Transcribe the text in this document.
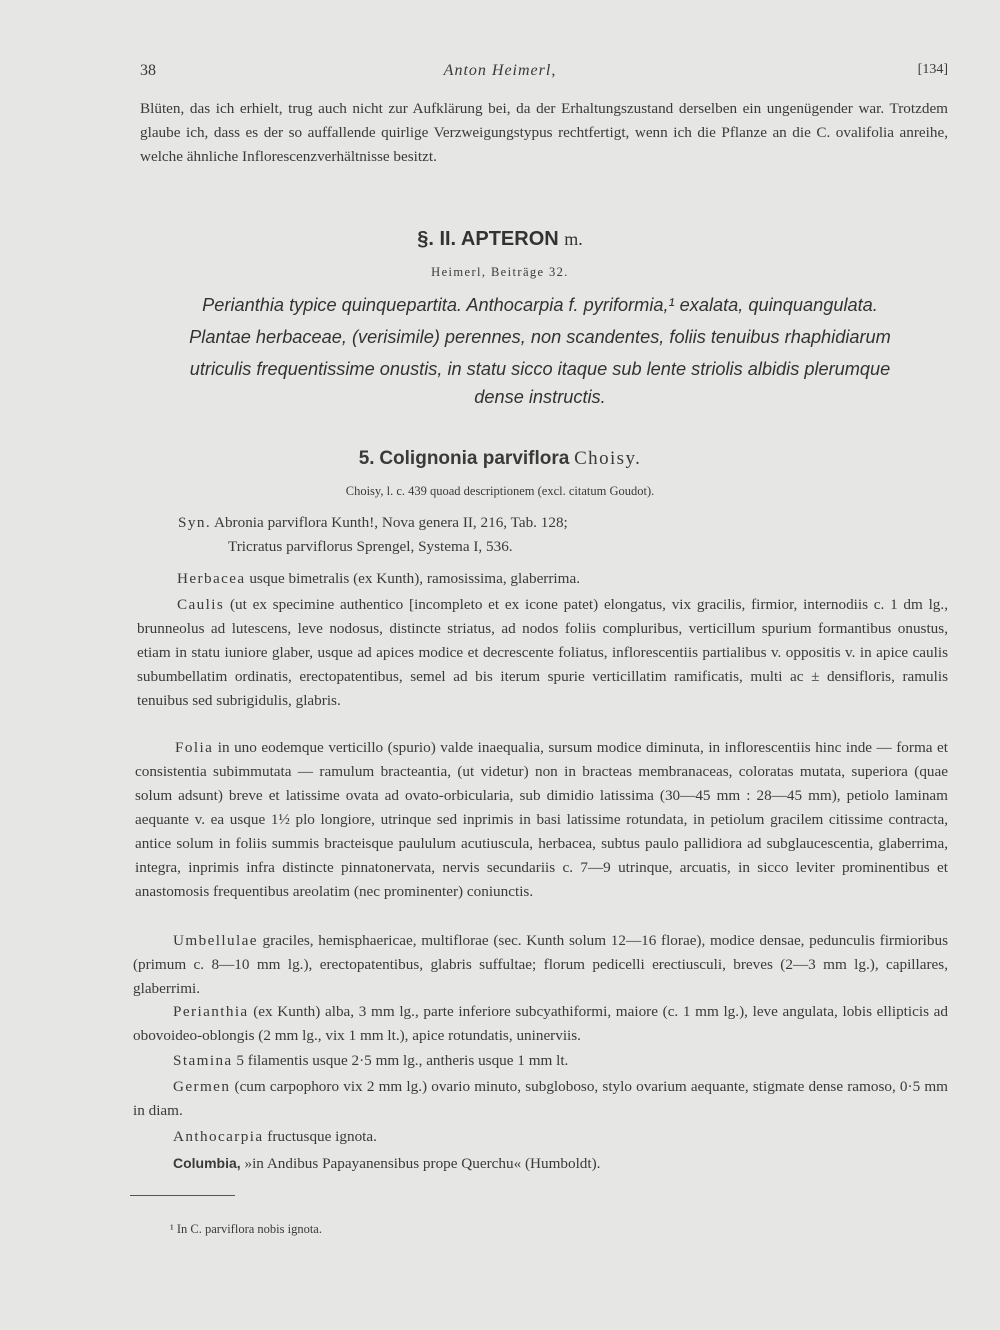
38	Anton Heimerl,	[134]

Blüten, das ich erhielt, trug auch nicht zur Aufklärung bei, da der Erhaltungszustand derselben ein ungenügender war. Trotzdem glaube ich, dass es der so auffallende quirlige Verzweigungstypus rechtfertigt, wenn ich die Pflanze an die C. ovalifolia anreihe, welche ähnliche Inflorescenzverhältnisse besitzt.

§. II. APTERON m.
Heimerl, Beiträge 32.
Perianthia typice quinquepartita. Anthocarpia f. pyriformia,¹ exalata, quinquangulata.
Plantae herbaceae, (verisimile) perennes, non scandentes, foliis tenuibus rhaphidiarum
utriculis frequentissime onustis, in statu sicco itaque sub lente striolis albidis plerumque
dense instructis.
5. Colignonia parviflora Choisy.
Choisy, l. c. 439 quoad descriptionem (excl. citatum Goudot).
Syn. Abronia parviflora Kunth!, Nova genera II, 216, Tab. 128;
Tricratus parviflorus Sprengel, Systema I, 536.

Herbacea usque bimetralis (ex Kunth), ramosissima, glaberrima.

Caulis (ut ex specimine authentico [incompleto et ex icone patet) elongatus, vix gracilis, firmior, internodiis c. 1 dm lg., brunneolus ad lutescens, leve nodosus, distincte striatus, ad nodos foliis compluribus, verticillum spurium formantibus onustus, etiam in statu iuniore glaber, usque ad apices modice et decrescente foliatus, inflorescentiis partialibus v. oppositis v. in apice caulis subumbellatim ordinatis, erectopatentibus, semel ad bis iterum spurie verticillatim ramificatis, multi ac ± densifloris, ramulis tenuibus sed subrigidulis, glabris.

Folia in uno eodemque verticillo (spurio) valde inaequalia, sursum modice diminuta, in inflorescentiis hinc inde — forma et consistentia subimmutata — ramulum bracteantia, (ut videtur) non in bracteas membranaceas, coloratas mutata, superiora (quae solum adsunt) breve et latissime ovata ad ovato-orbicularia, sub dimidio latissima (30—45 mm : 28—45 mm), petiolo laminam aequante v. ea usque 1½ plo longiore, utrinque sed inprimis in basi latissime rotundata, in petiolum gracilem citissime contracta, antice solum in foliis summis bracteisque paululum acutiuscula, herbacea, subtus paulo pallidiora ad subglaucescentia, glaberrima, integra, inprimis infra distincte pinnatonervata, nervis secundariis c. 7—9 utrinque, arcuatis, in sicco leviter prominentibus et anastomosis frequentibus areolatim (nec prominenter) coniunctis.

Umbellulae graciles, hemisphaericae, multiflorae (sec. Kunth solum 12—16 florae), modice densae, pedunculis firmioribus (primum c. 8—10 mm lg.), erectopatentibus, glabris suffultae; florum pedicelli erectiusculi, breves (2—3 mm lg.), capillares, glaberrimi.

Perianthia (ex Kunth) alba, 3 mm lg., parte inferiore subcyathiformi, maiore (c. 1 mm lg.), leve angulata, lobis ellipticis ad obovoideo-oblongis (2 mm lg., vix 1 mm lt.), apice rotundatis, uninerviis.

Stamina 5 filamentis usque 2·5 mm lg., antheris usque 1 mm lt.

Germen (cum carpophoro vix 2 mm lg.) ovario minuto, subgloboso, stylo ovarium aequante, stigmate dense ramoso, 0·5 mm in diam.

Anthocarpia fructusque ignota.

Columbia, »in Andibus Papayanensibus prope Querchu« (Humboldt).

¹ In C. parviflora nobis ignota.
